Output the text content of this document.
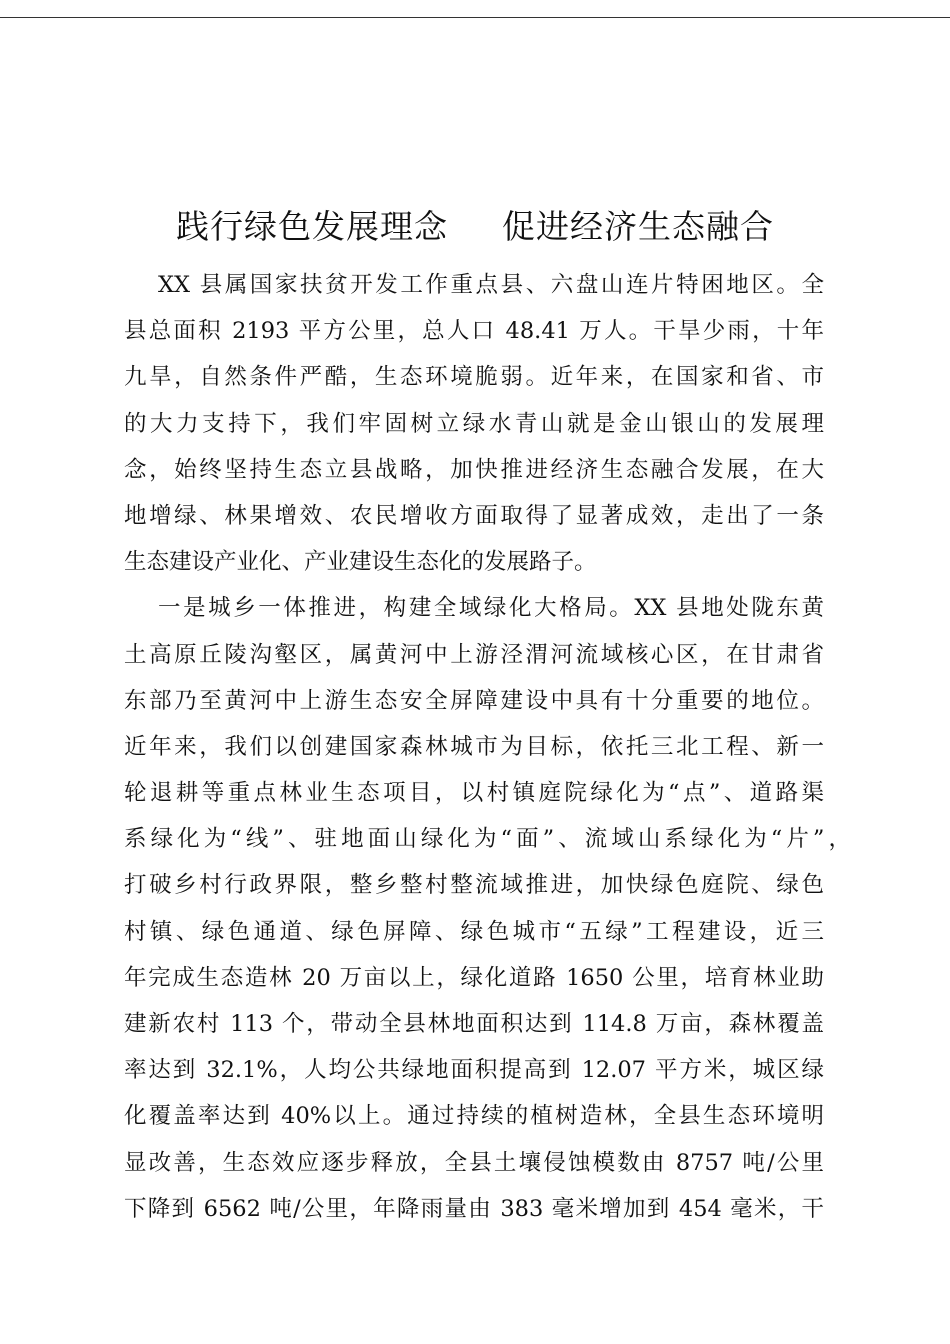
践行绿色发展理念 促进经济生态融合
XX 县属国家扶贫开发工作重点县、六盘山连片特困地区。全
县总面积 2193 平方公里，总人口 48.41 万人。干旱少雨，十年
九旱，自然条件严酷，生态环境脆弱。近年来，在国家和省、市
的大力支持下，我们牢固树立绿水青山就是金山银山的发展理
念，始终坚持生态立县战略，加快推进经济生态融合发展，在大
地增绿、林果增效、农民增收方面取得了显著成效，走出了一条
生态建设产业化、产业建设生态化的发展路子。
一是城乡一体推进，构建全域绿化大格局。XX 县地处陇东黄
土高原丘陵沟壑区，属黄河中上游泾渭河流域核心区，在甘肃省
东部乃至黄河中上游生态安全屏障建设中具有十分重要的地位。
近年来，我们以创建国家森林城市为目标，依托三北工程、新一
轮退耕等重点林业生态项目，以村镇庭院绿化为“点”、道路渠
系绿化为“线”、驻地面山绿化为“面”、流域山系绿化为“片”，
打破乡村行政界限，整乡整村整流域推进，加快绿色庭院、绿色
村镇、绿色通道、绿色屏障、绿色城市“五绿”工程建设，近三
年完成生态造林 20 万亩以上，绿化道路 1650 公里，培育林业助
建新农村 113 个，带动全县林地面积达到 114.8 万亩，森林覆盖
率达到 32.1%，人均公共绿地面积提高到 12.07 平方米，城区绿
化覆盖率达到 40%以上。通过持续的植树造林，全县生态环境明
显改善，生态效应逐步释放，全县土壤侵蚀模数由 8757 吨/公里
下降到 6562 吨/公里，年降雨量由 383 毫米增加到 454 毫米，干
